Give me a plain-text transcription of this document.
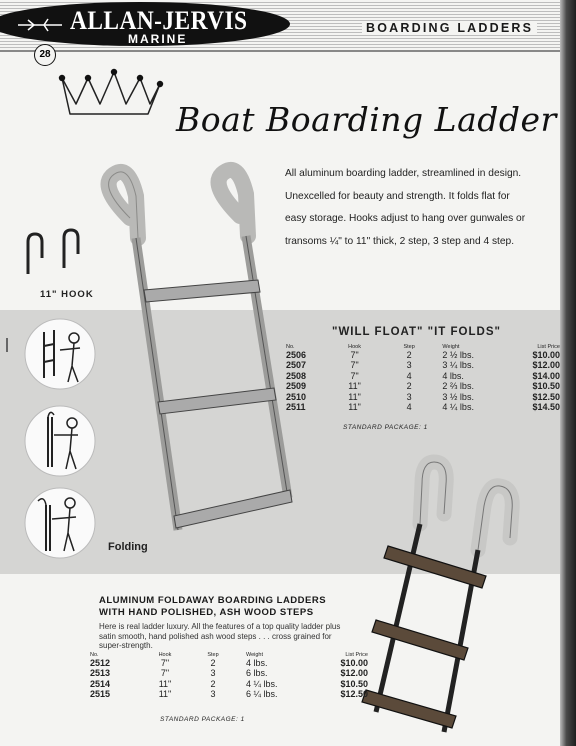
ALLAN-JERVIS
MARINE
BOARDING LADDERS
28
Boat Boarding Ladder
All aluminum boarding ladder, streamlined in design. Unexcelled for beauty and strength. It folds flat for easy storage. Hooks adjust to hang over gunwales or transoms ¼" to 11" thick, 2 step, 3 step and 4 step.
11" HOOK
Folding
"WILL FLOAT" "IT FOLDS"
No.	Hook	Step	Weight	List Price
2506	7"	2	2 ½ lbs.	$10.00
2507	7"	3	3 ¼ lbs.	$12.00
2508	7"	4	4 lbs.	$14.00
2509	11"	2	2 ⅔ lbs.	$10.50
2510	11"	3	3 ½ lbs.	$12.50
2511	11"	4	4 ¼ lbs.	$14.50
STANDARD PACKAGE: 1
ALUMINUM FOLDAWAY BOARDING LADDERS
WITH HAND POLISHED, ASH WOOD STEPS
Here is real ladder luxury. All the features of a top quality ladder plus satin smooth, hand polished ash wood steps . . . cross grained for super-strength.
No.	Hook	Step	Weight	List Price
2512	7"	2	4 lbs.	$10.00
2513	7"	3	6 lbs.	$12.00
2514	11"	2	4 ¼ lbs.	$10.50
2515	11"	3	6 ¼ lbs.	$12.50
STANDARD PACKAGE: 1
